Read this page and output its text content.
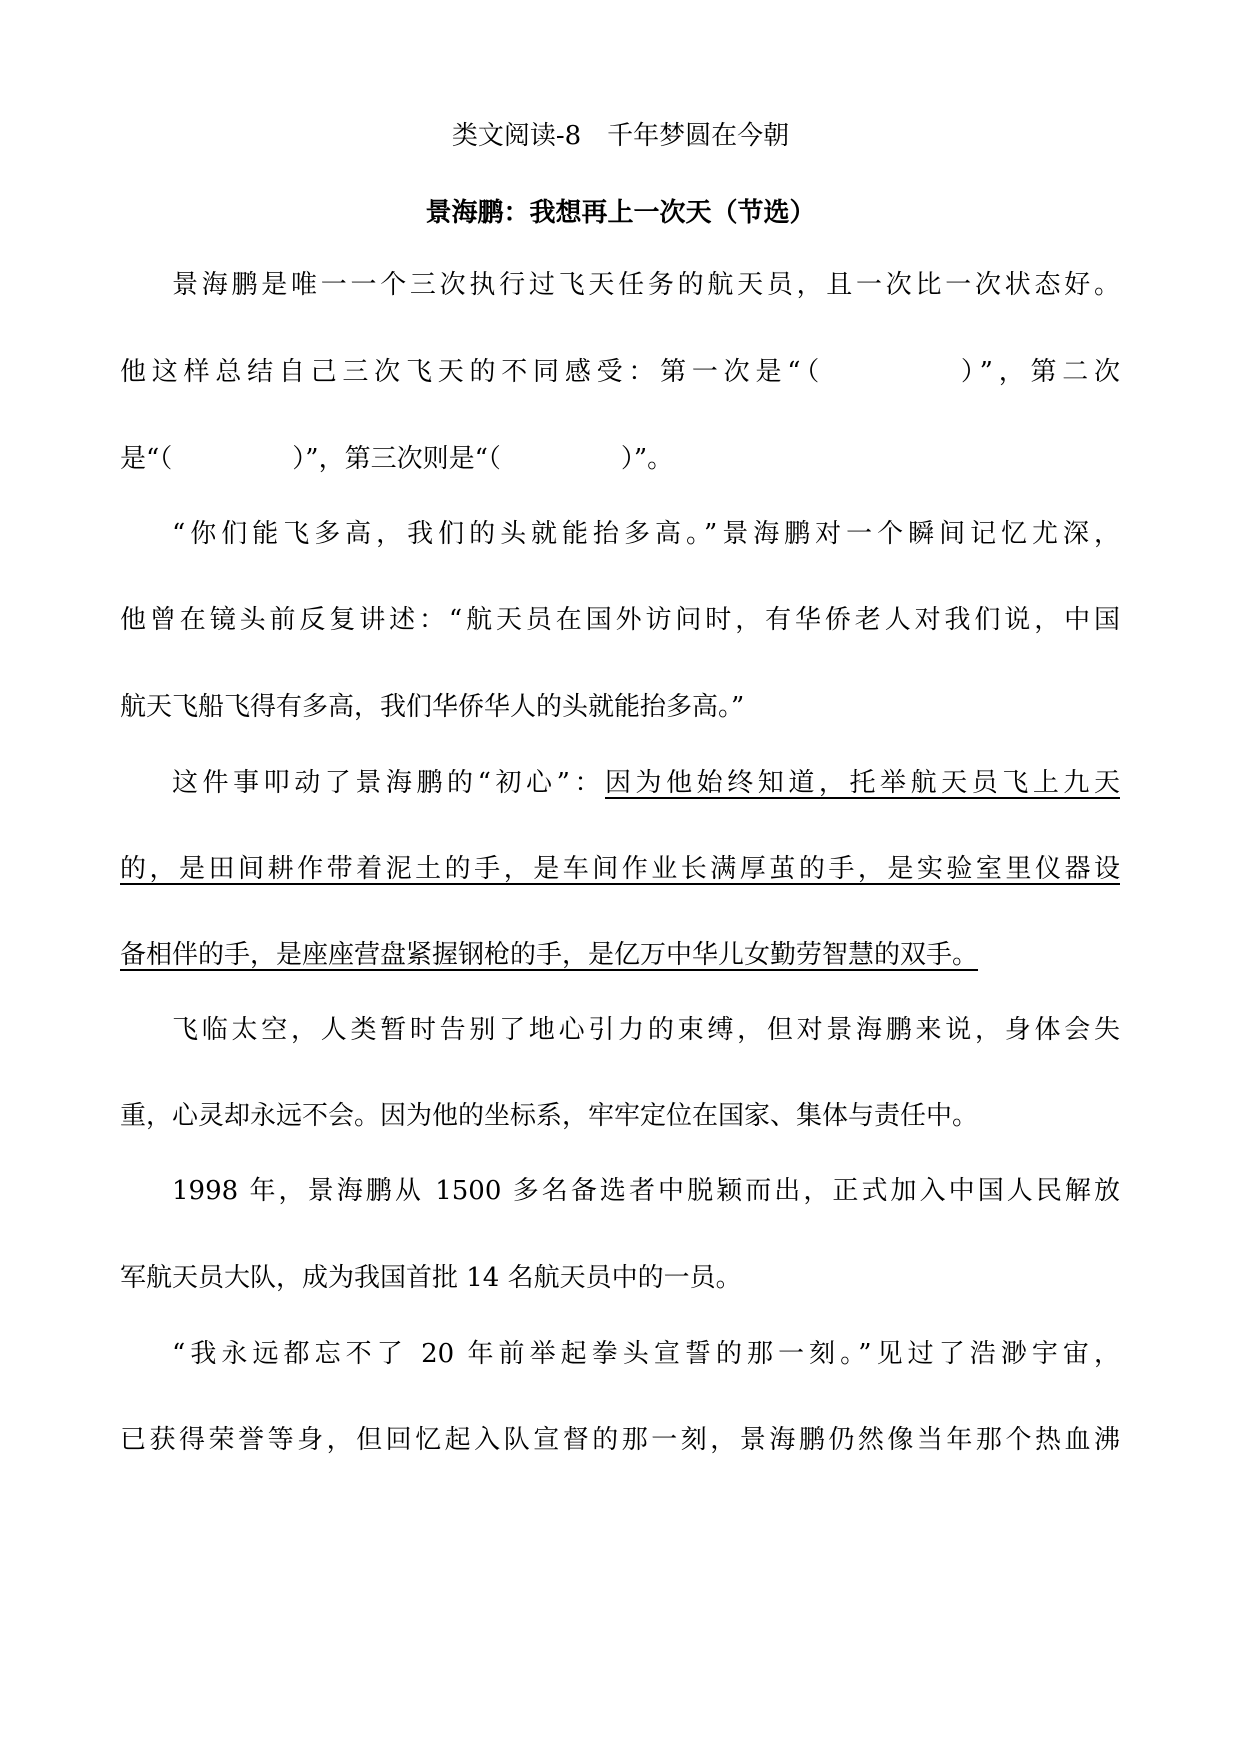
类文阅读-8　千年梦圆在今朝
景海鹏：我想再上一次天（节选）
景海鹏是唯一一个三次执行过飞天任务的航天员，且一次比一次状态好。
他这样总结自己三次飞天的不同感受：第一次是“（	）”，第二次
是“（	）”，第三次则是“（	）”。
“你们能飞多高，我们的头就能抬多高。”景海鹏对一个瞬间记忆尤深，
他曾在镜头前反复讲述：“航天员在国外访问时，有华侨老人对我们说，中国
航天飞船飞得有多高，我们华侨华人的头就能抬多高。”
这件事叩动了景海鹏的“初心”：因为他始终知道，托举航天员飞上九天
的，是田间耕作带着泥土的手，是车间作业长满厚茧的手，是实验室里仪器设
备相伴的手，是座座营盘紧握钢枪的手，是亿万中华儿女勤劳智慧的双手。
飞临太空，人类暂时告别了地心引力的束缚，但对景海鹏来说，身体会失
重，心灵却永远不会。因为他的坐标系，牢牢定位在国家、集体与责任中。
1998 年，景海鹏从 1500 多名备选者中脱颖而出，正式加入中国人民解放
军航天员大队，成为我国首批 14 名航天员中的一员。
“我永远都忘不了 20 年前举起拳头宣誓的那一刻。”见过了浩渺宇宙，
已获得荣誉等身，但回忆起入队宣督的那一刻，景海鹏仍然像当年那个热血沸
